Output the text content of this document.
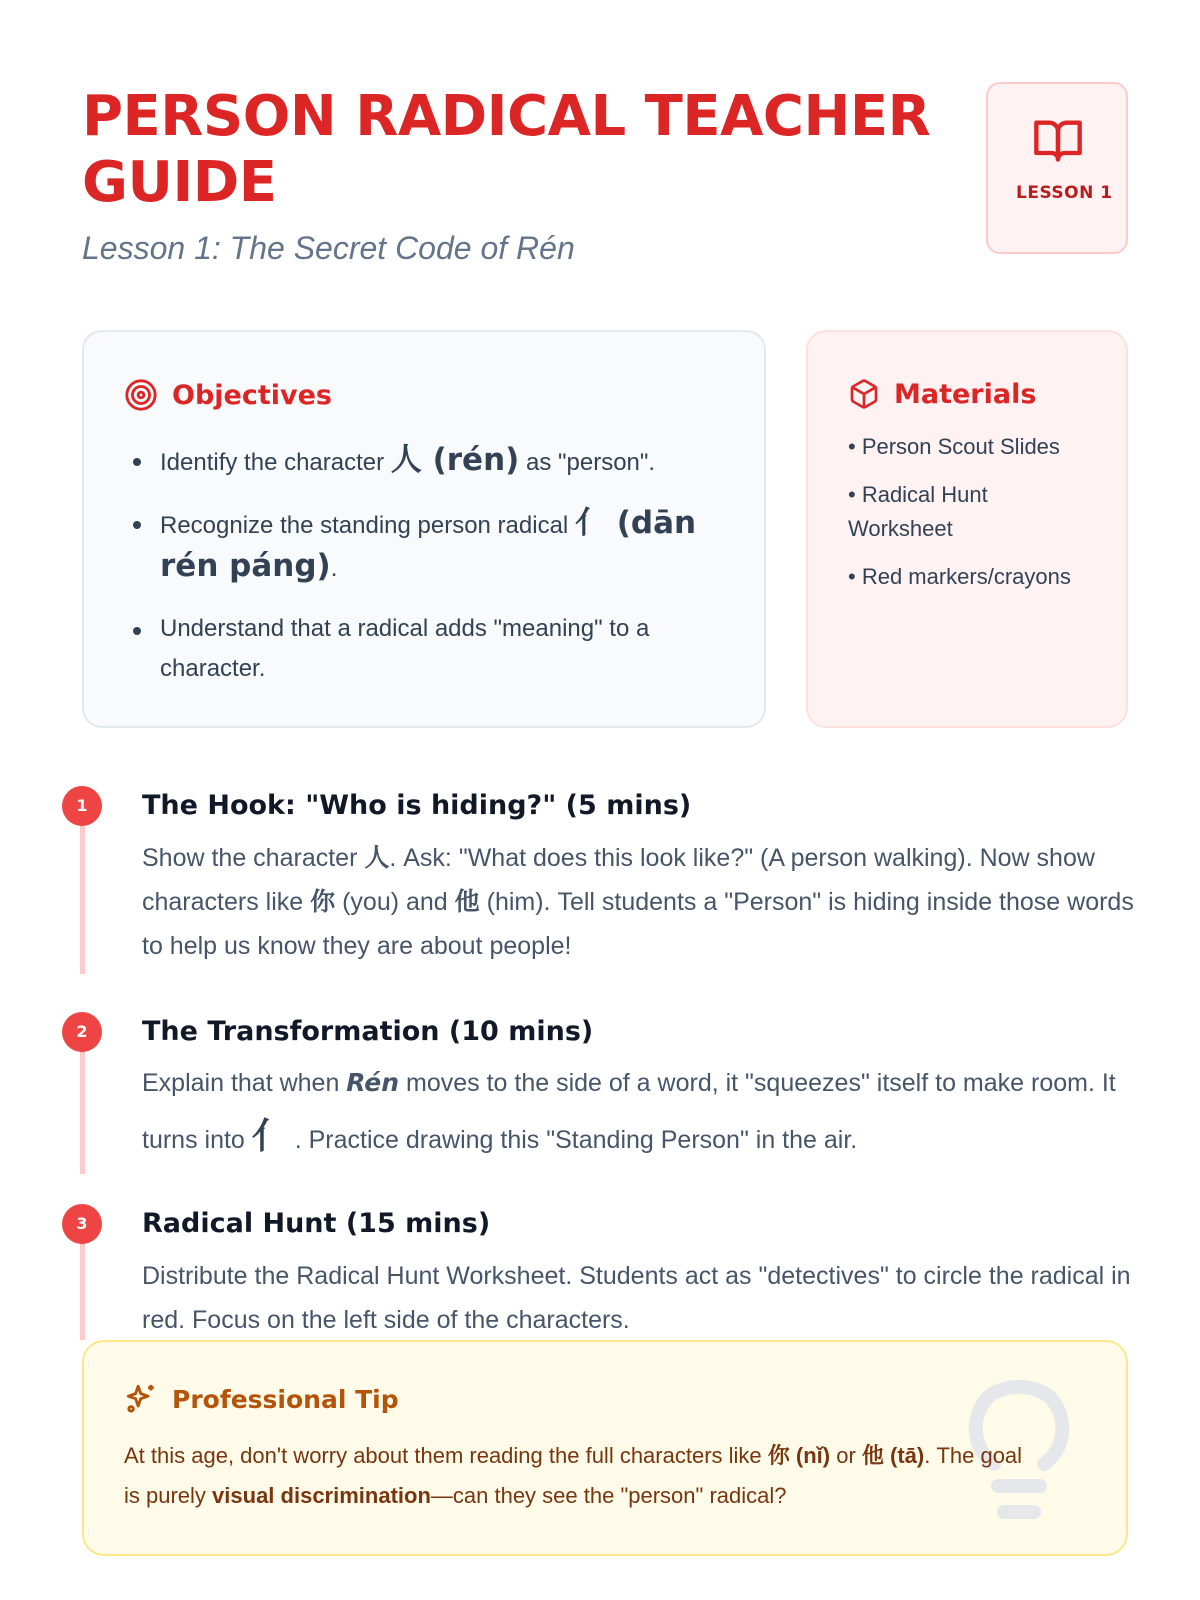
PERSON RADICAL TEACHER GUIDE
Lesson 1: The Secret Code of Rén
LESSON 1
Objectives
Identify the character 人 (rén) as "person".
Recognize the standing person radical 亻 (dān rén páng).
Understand that a radical adds "meaning" to a character.
Materials
• Person Scout Slides
• Radical Hunt Worksheet
• Red markers/crayons
1	The Hook: "Who is hiding?" (5 mins)
Show the character 人. Ask: "What does this look like?" (A person walking). Now show characters like 你 (you) and 他 (him). Tell students a "Person" is hiding inside those words to help us know they are about people!
2	The Transformation (10 mins)
Explain that when Rén moves to the side of a word, it "squeezes" itself to make room. It turns into 亻 . Practice drawing this "Standing Person" in the air.
3	Radical Hunt (15 mins)
Distribute the Radical Hunt Worksheet. Students act as "detectives" to circle the radical in red. Focus on the left side of the characters.
Professional Tip
At this age, don't worry about them reading the full characters like 你 (nǐ) or 他 (tā). The goal is purely visual discrimination—can they see the "person" radical?
